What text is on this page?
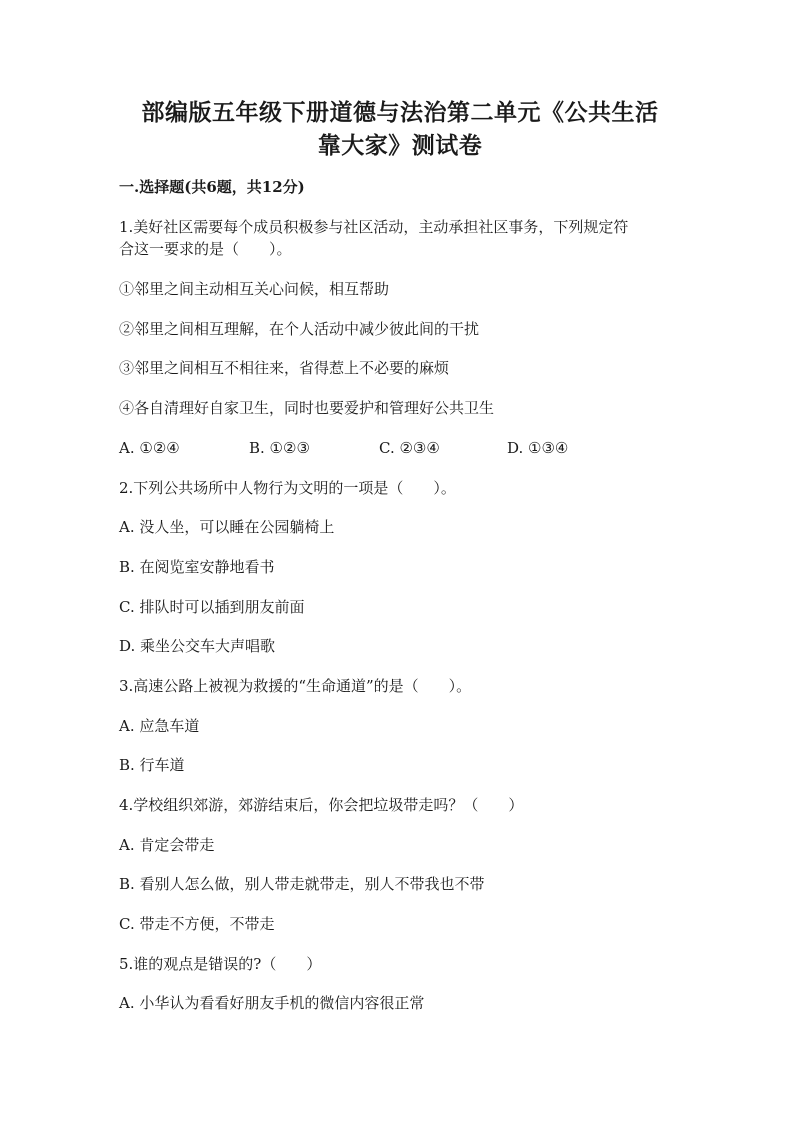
部编版五年级下册道德与法治第二单元《公共生活
靠大家》测试卷
一.选择题(共6题，共12分)
1.美好社区需要每个成员积极参与社区活动，主动承担社区事务，下列规定符
合这一要求的是（　　）。
①邻里之间主动相互关心问候，相互帮助
②邻里之间相互理解，在个人活动中减少彼此间的干扰
③邻里之间相互不相往来，省得惹上不必要的麻烦
④各自清理好自家卫生，同时也要爱护和管理好公共卫生
A. ①②④	B. ①②③	C. ②③④	D. ①③④
2.下列公共场所中人物行为文明的一项是（　　）。
A. 没人坐，可以睡在公园躺椅上
B. 在阅览室安静地看书
C. 排队时可以插到朋友前面
D. 乘坐公交车大声唱歌
3.高速公路上被视为救援的“生命通道”的是（　　）。
A. 应急车道
B. 行车道
4.学校组织郊游，郊游结束后，你会把垃圾带走吗？（　　）
A. 肯定会带走
B. 看别人怎么做，别人带走就带走，别人不带我也不带
C. 带走不方便，不带走
5.谁的观点是错误的?（　　）
A. 小华认为看看好朋友手机的微信内容很正常
